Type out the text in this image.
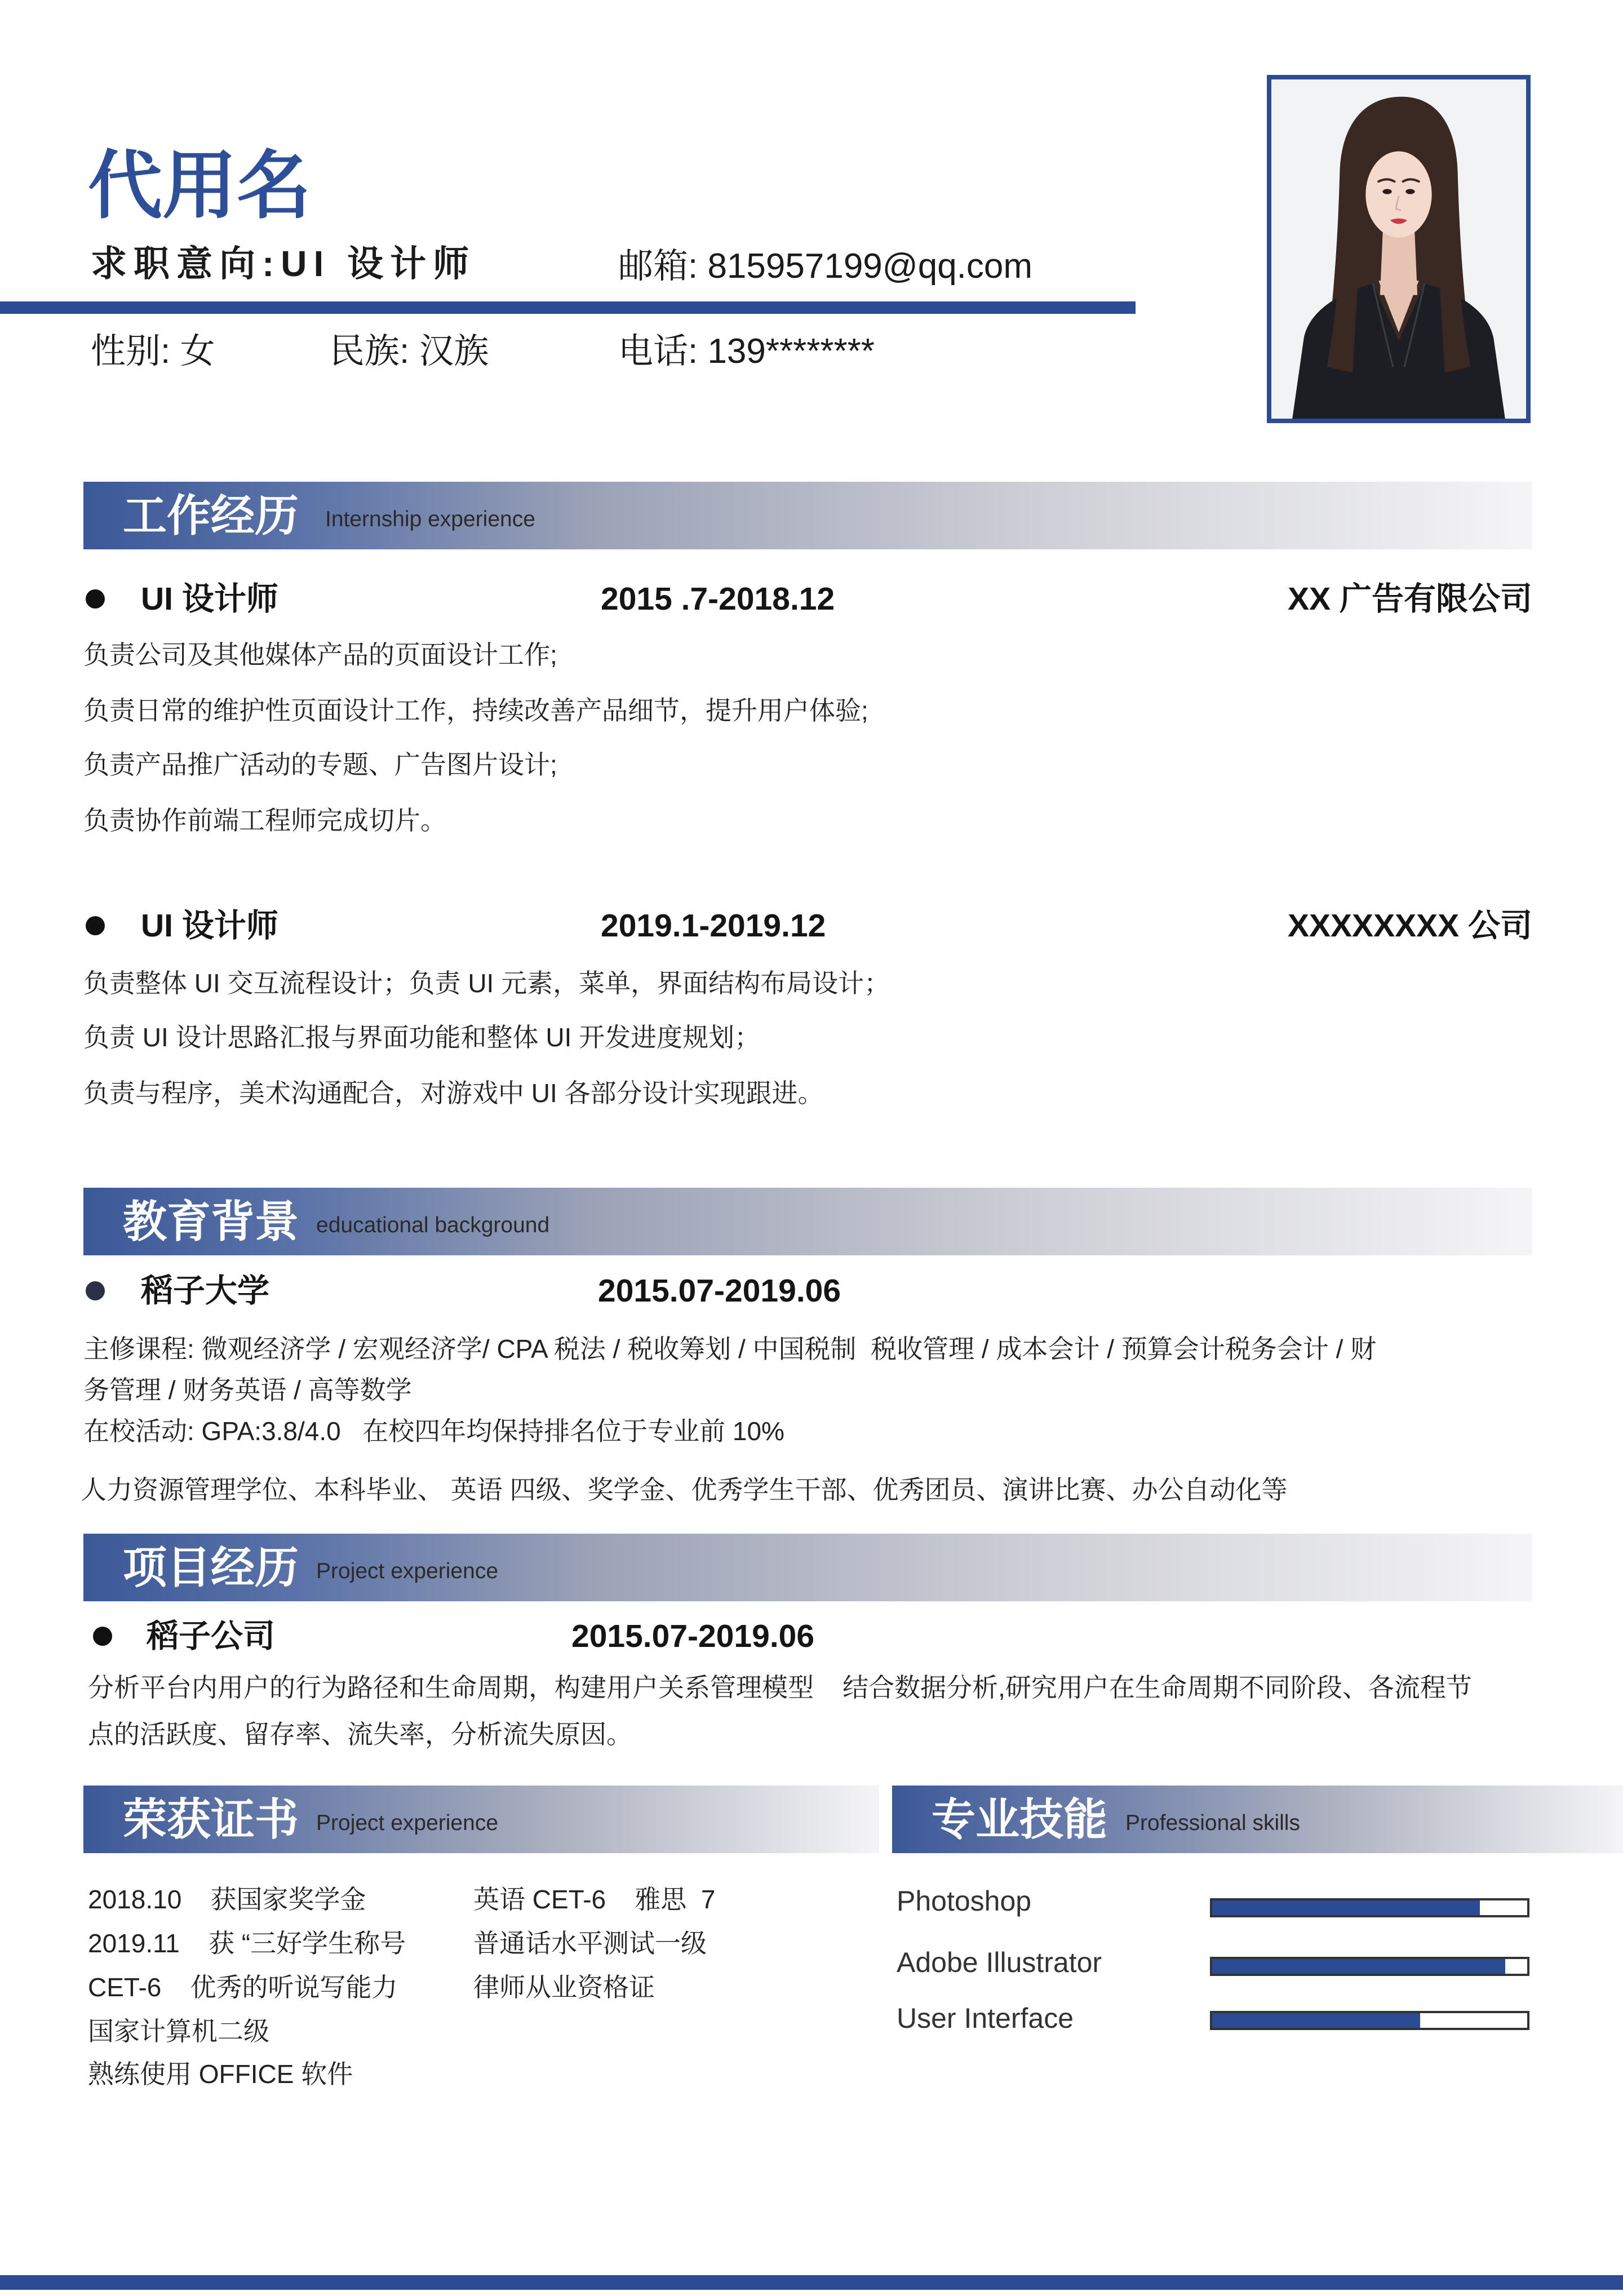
代用名
求职意向:UI 设计师	邮箱: 815957199@qq.com
性别: 女	民族: 汉族	电话: 139********
工作经历 Internship experience
UI 设计师	2015 .7-2018.12	XX 广告有限公司
负责公司及其他媒体产品的页面设计工作;
负责日常的维护性页面设计工作，持续改善产品细节，提升用户体验;
负责产品推广活动的专题、广告图片设计;
负责协作前端工程师完成切片。
UI 设计师	2019.1-2019.12	XXXXXXXX 公司
负责整体 UI 交互流程设计；负责 UI 元素，菜单，界面结构布局设计；
负责 UI 设计思路汇报与界面功能和整体 UI 开发进度规划；
负责与程序，美术沟通配合，对游戏中 UI 各部分设计实现跟进。
教育背景 educational background
稻子大学	2015.07-2019.06
主修课程: 微观经济学 / 宏观经济学/ CPA 税法 / 税收筹划 / 中国税制  税收管理 / 成本会计 / 预算会计税务会计 / 财
务管理 / 财务英语 / 高等数学
在校活动: GPA:3.8/4.0   在校四年均保持排名位于专业前 10%
人力资源管理学位、本科毕业、 英语 四级、奖学金、优秀学生干部、优秀团员、演讲比赛、办公自动化等
项目经历 Project experience
稻子公司	2015.07-2019.06
分析平台内用户的行为路径和生命周期，构建用户关系管理模型    结合数据分析,研究用户在生命周期不同阶段、各流程节
点的活跃度、留存率、流失率，分析流失原因。
荣获证书 Project experience
2018.10    获国家奖学金
2019.11    获 “三好学生称号
CET-6    优秀的听说写能力
国家计算机二级
熟练使用 OFFICE 软件
英语 CET-6    雅思  7
普通话水平测试一级
律师从业资格证
专业技能 Professional skills
Photoshop
Adobe Illustrator
User Interface
